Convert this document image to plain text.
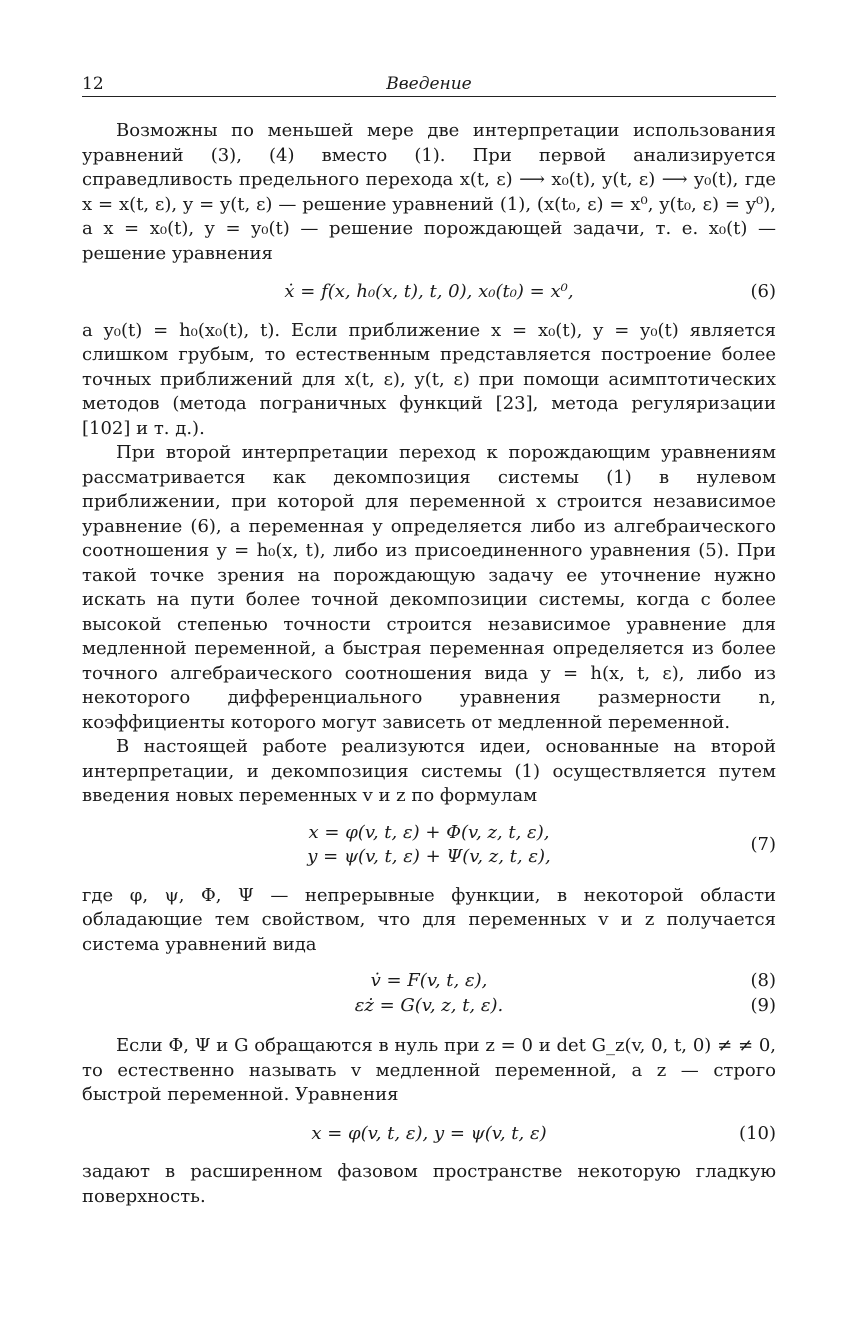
12	Введение

Возможны по меньшей мере две интерпретации использования уравнений (3), (4) вместо (1). При первой анализируется справедливость предельного перехода x(t, ε) ⟶ x₀(t), y(t, ε) ⟶ y₀(t), где x = x(t, ε), y = y(t, ε) — решение уравнений (1), (x(t₀, ε) = x⁰, y(t₀, ε) = y⁰), а x = x₀(t), y = y₀(t) — решение порождающей задачи, т. е. x₀(t) — решение уравнения

ẋ = f(x, h₀(x, t), t, 0), x₀(t₀) = x⁰,	(6)

а y₀(t) = h₀(x₀(t), t). Если приближение x = x₀(t), y = y₀(t) является слишком грубым, то естественным представляется построение более точных приближений для x(t, ε), y(t, ε) при помощи асимптотических методов (метода пограничных функций [23], метода регуляризации [102] и т. д.).

При второй интерпретации переход к порождающим уравнениям рассматривается как декомпозиция системы (1) в нулевом приближении, при которой для переменной x строится независимое уравнение (6), а переменная y определяется либо из алгебраического соотношения y = h₀(x, t), либо из присоединенного уравнения (5). При такой точке зрения на порождающую задачу ее уточнение нужно искать на пути более точной декомпозиции системы, когда с более высокой степенью точности строится независимое уравнение для медленной переменной, а быстрая переменная определяется из более точного алгебраического соотношения вида y = h(x, t, ε), либо из некоторого дифференциального уравнения размерности n, коэффициенты которого могут зависеть от медленной переменной.

В настоящей работе реализуются идеи, основанные на второй интерпретации, и декомпозиция системы (1) осуществляется путем введения новых переменных v и z по формулам

x = φ(v, t, ε) + Φ(v, z, t, ε),
y = ψ(v, t, ε) + Ψ(v, z, t, ε),
(7)

где φ, ψ, Φ, Ψ — непрерывные функции, в некоторой области обладающие тем свойством, что для переменных v и z получается система уравнений вида

v̇ = F(v, t, ε),	(8)
εż = G(v, z, t, ε).	(9)

Если Φ, Ψ и G обращаются в нуль при z = 0 и det G_z(v, 0, t, 0) ≠ ≠ 0, то естественно называть v медленной переменной, а z — строго быстрой переменной. Уравнения

x = φ(v, t, ε), y = ψ(v, t, ε)	(10)

задают в расширенном фазовом пространстве некоторую гладкую поверхность.
